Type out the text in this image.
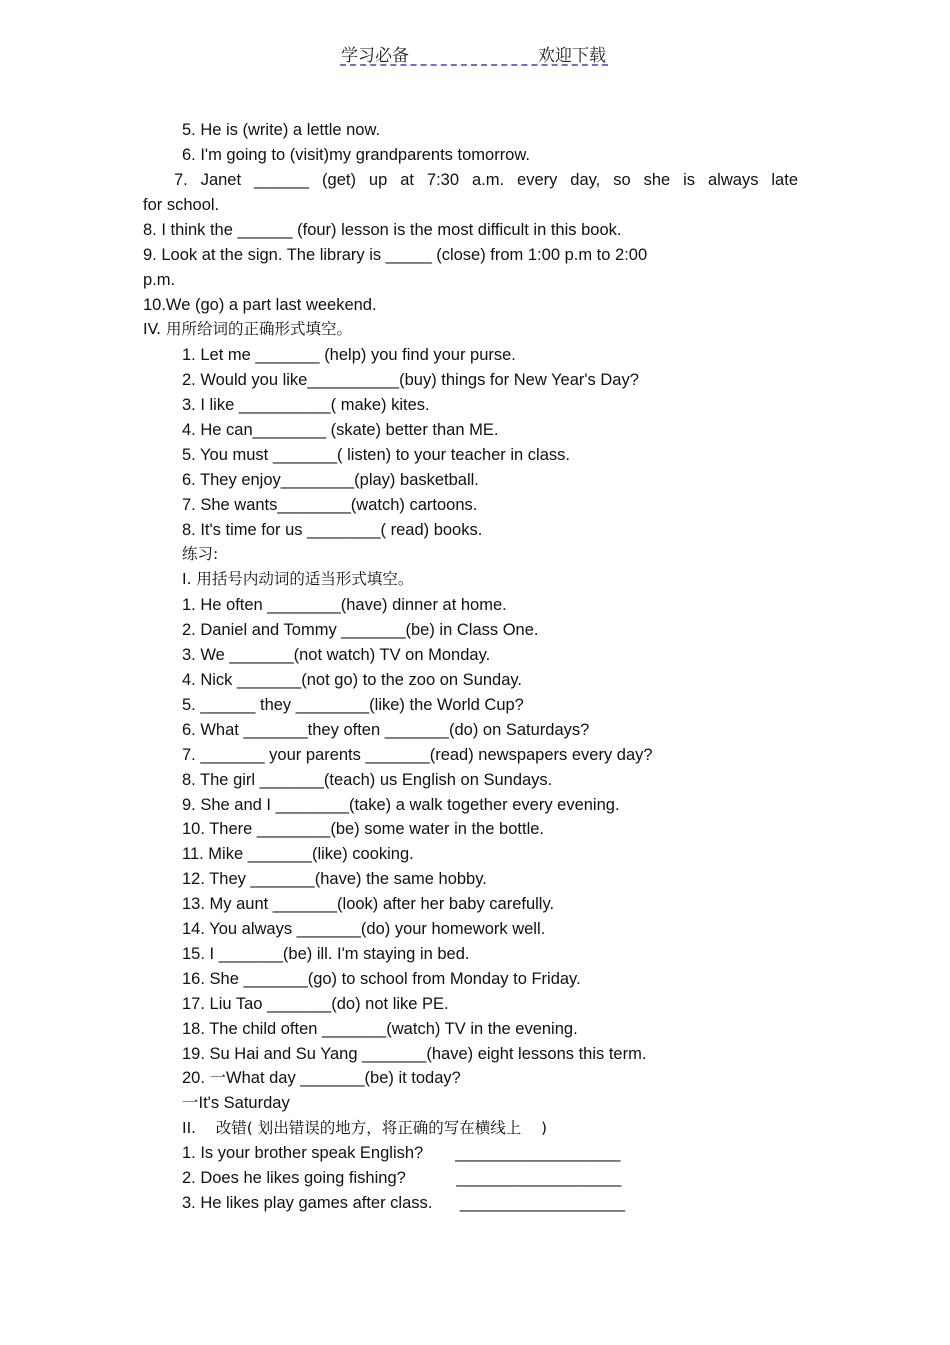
学习必备	欢迎下载
5. He is (write) a lettle now.
6. I'm going to (visit)my grandparents tomorrow.
7. Janet ______ (get) up at 7:30 a.m. every day, so she is always late
for school.
8. I think the ______ (four) lesson is the most difficult in this book.
9. Look at the sign. The library is _____ (close) from 1:00 p.m to 2:00
p.m.
10.We (go) a part last weekend.
IV. 用所给词的正确形式填空。
1. Let me _______ (help) you find your purse.
2. Would you like__________(buy) things for New Year's Day?
3. I like __________( make) kites.
4. He can________ (skate) better than ME.
5. You must _______( listen) to your teacher in class.
6. They enjoy________(play) basketball.
7. She wants________(watch) cartoons.
8. It's time for us ________( read) books.
练习:
I. 用括号内动词的适当形式填空。
1. He often ________(have) dinner at home.
2. Daniel and Tommy _______(be) in Class One.
3. We _______(not watch) TV on Monday.
4. Nick _______(not go) to the zoo on Sunday.
5. ______ they ________(like) the World Cup?
6. What _______they often _______(do) on Saturdays?
7. _______ your parents _______(read) newspapers every day?
8. The girl _______(teach) us English on Sundays.
9. She and I ________(take) a walk together every evening.
10. There ________(be) some water in the bottle.
11. Mike _______(like) cooking.
12. They _______(have) the same hobby.
13. My aunt _______(look) after her baby carefully.
14. You always _______(do) your homework well.
15. I _______(be) ill. I'm staying in bed.
16. She _______(go) to school from Monday to Friday.
17. Liu Tao _______(do) not like PE.
18. The child often _______(watch) TV in the evening.
19. Su Hai and Su Yang _______(have) eight lessons this term.
20. 一What day _______(be) it today?
一It's Saturday
II.    改错( 划出错误的地方，将正确的写在横线上    )
1. Is your brother speak English?       __________________
2. Does he likes going fishing?           __________________
3. He likes play games after class.      __________________
